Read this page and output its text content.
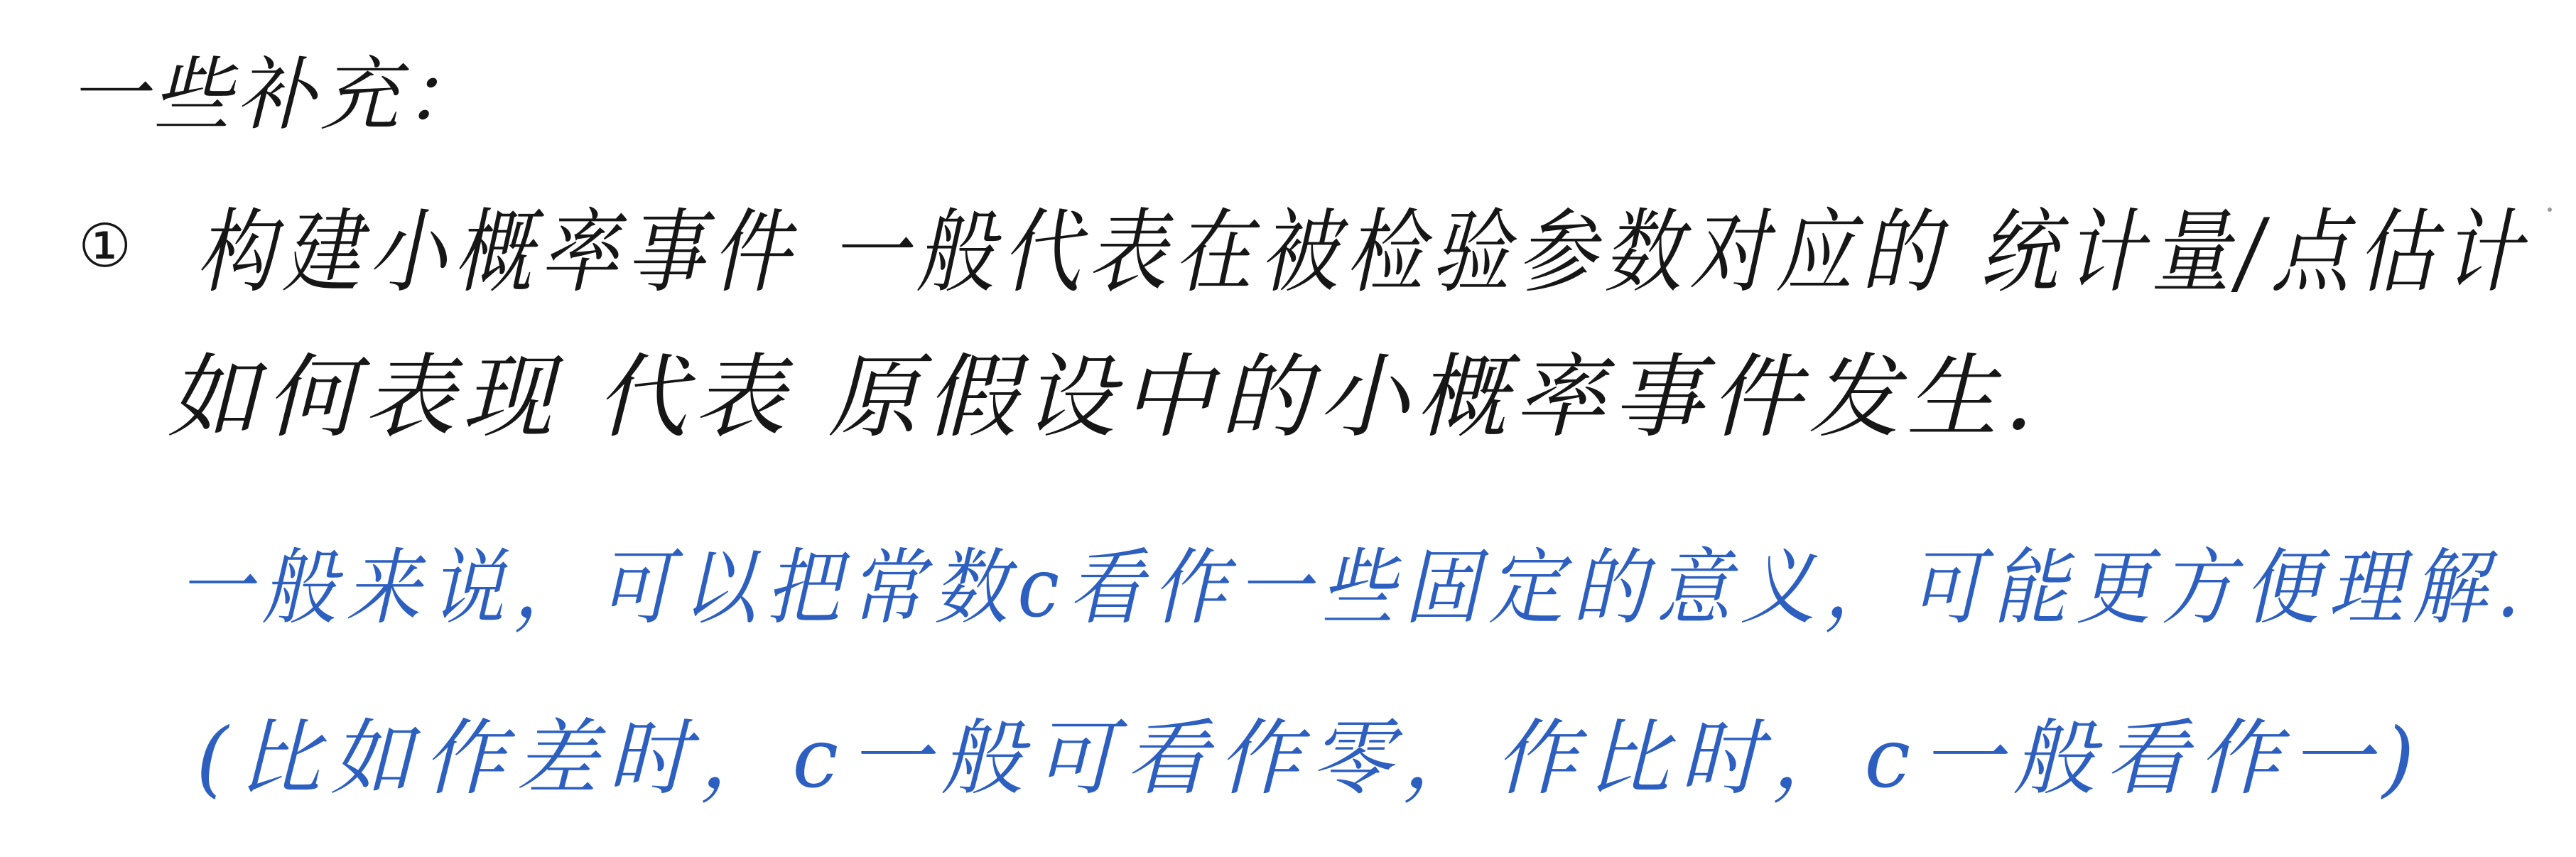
一些补充：
① 构建小概率事件 一般代表在被检验参数对应的 统计量/点估计
如何表现 代表 原假设中的小概率事件发生.
一般来说，可以把常数c看作一些固定的意义，可能更方便理解.
(比如作差时，c一般可看作零，作比时，c一般看作一)
